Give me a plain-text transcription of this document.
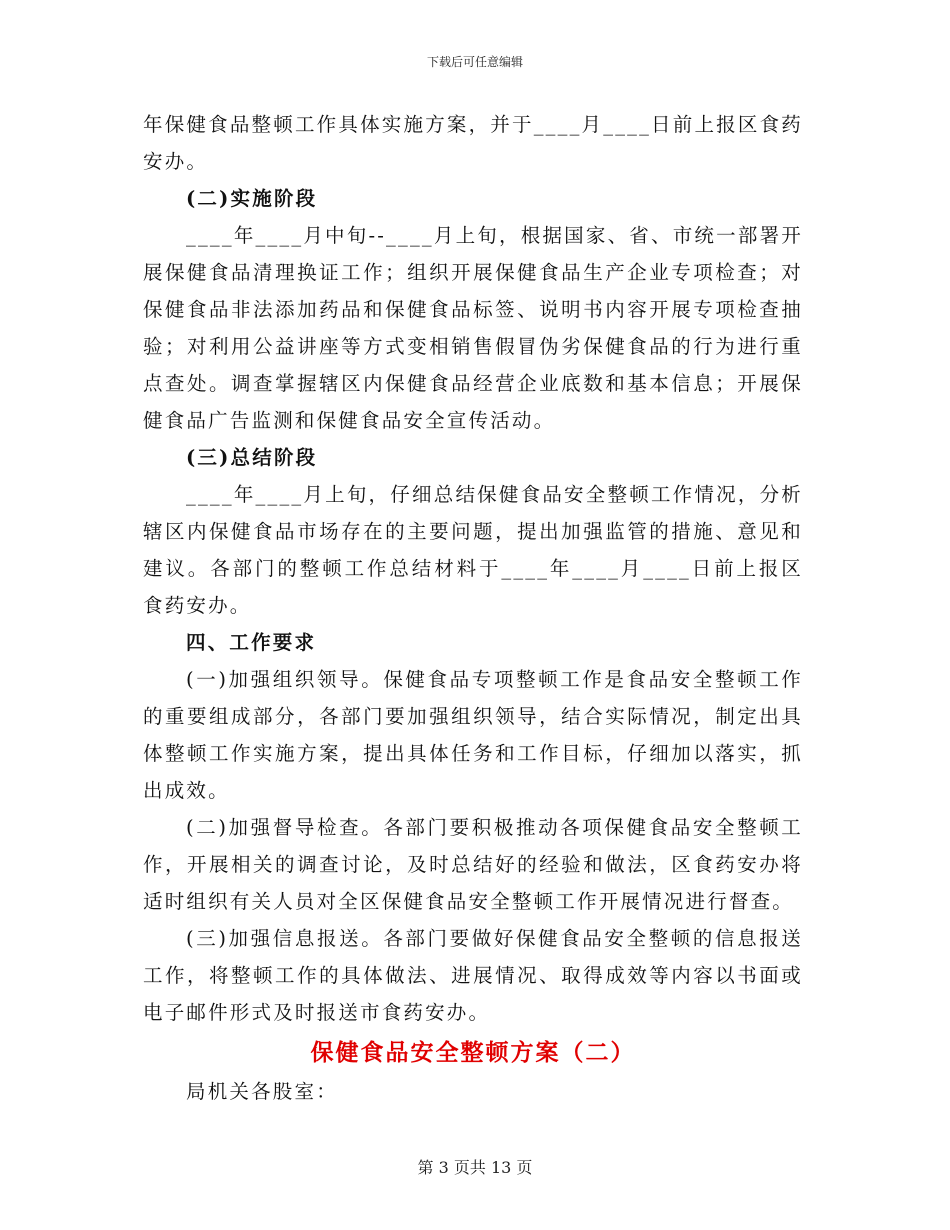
下载后可任意编辑

年保健食品整顿工作具体实施方案，并于____月____日前上报区食药安办。

(二)实施阶段

____年____月中旬--____月上旬，根据国家、省、市统一部署开展保健食品清理换证工作；组织开展保健食品生产企业专项检查；对保健食品非法添加药品和保健食品标签、说明书内容开展专项检查抽验；对利用公益讲座等方式变相销售假冒伪劣保健食品的行为进行重点查处。调查掌握辖区内保健食品经营企业底数和基本信息；开展保健食品广告监测和保健食品安全宣传活动。

(三)总结阶段

____年____月上旬，仔细总结保健食品安全整顿工作情况，分析辖区内保健食品市场存在的主要问题，提出加强监管的措施、意见和建议。各部门的整顿工作总结材料于____年____月____日前上报区食药安办。

四、工作要求

(一)加强组织领导。保健食品专项整顿工作是食品安全整顿工作的重要组成部分，各部门要加强组织领导，结合实际情况，制定出具体整顿工作实施方案，提出具体任务和工作目标，仔细加以落实，抓出成效。

(二)加强督导检查。各部门要积极推动各项保健食品安全整顿工作，开展相关的调查讨论，及时总结好的经验和做法，区食药安办将适时组织有关人员对全区保健食品安全整顿工作开展情况进行督查。

(三)加强信息报送。各部门要做好保健食品安全整顿的信息报送工作，将整顿工作的具体做法、进展情况、取得成效等内容以书面或电子邮件形式及时报送市食药安办。

保健食品安全整顿方案（二）

局机关各股室：

第 3 页共 13 页
